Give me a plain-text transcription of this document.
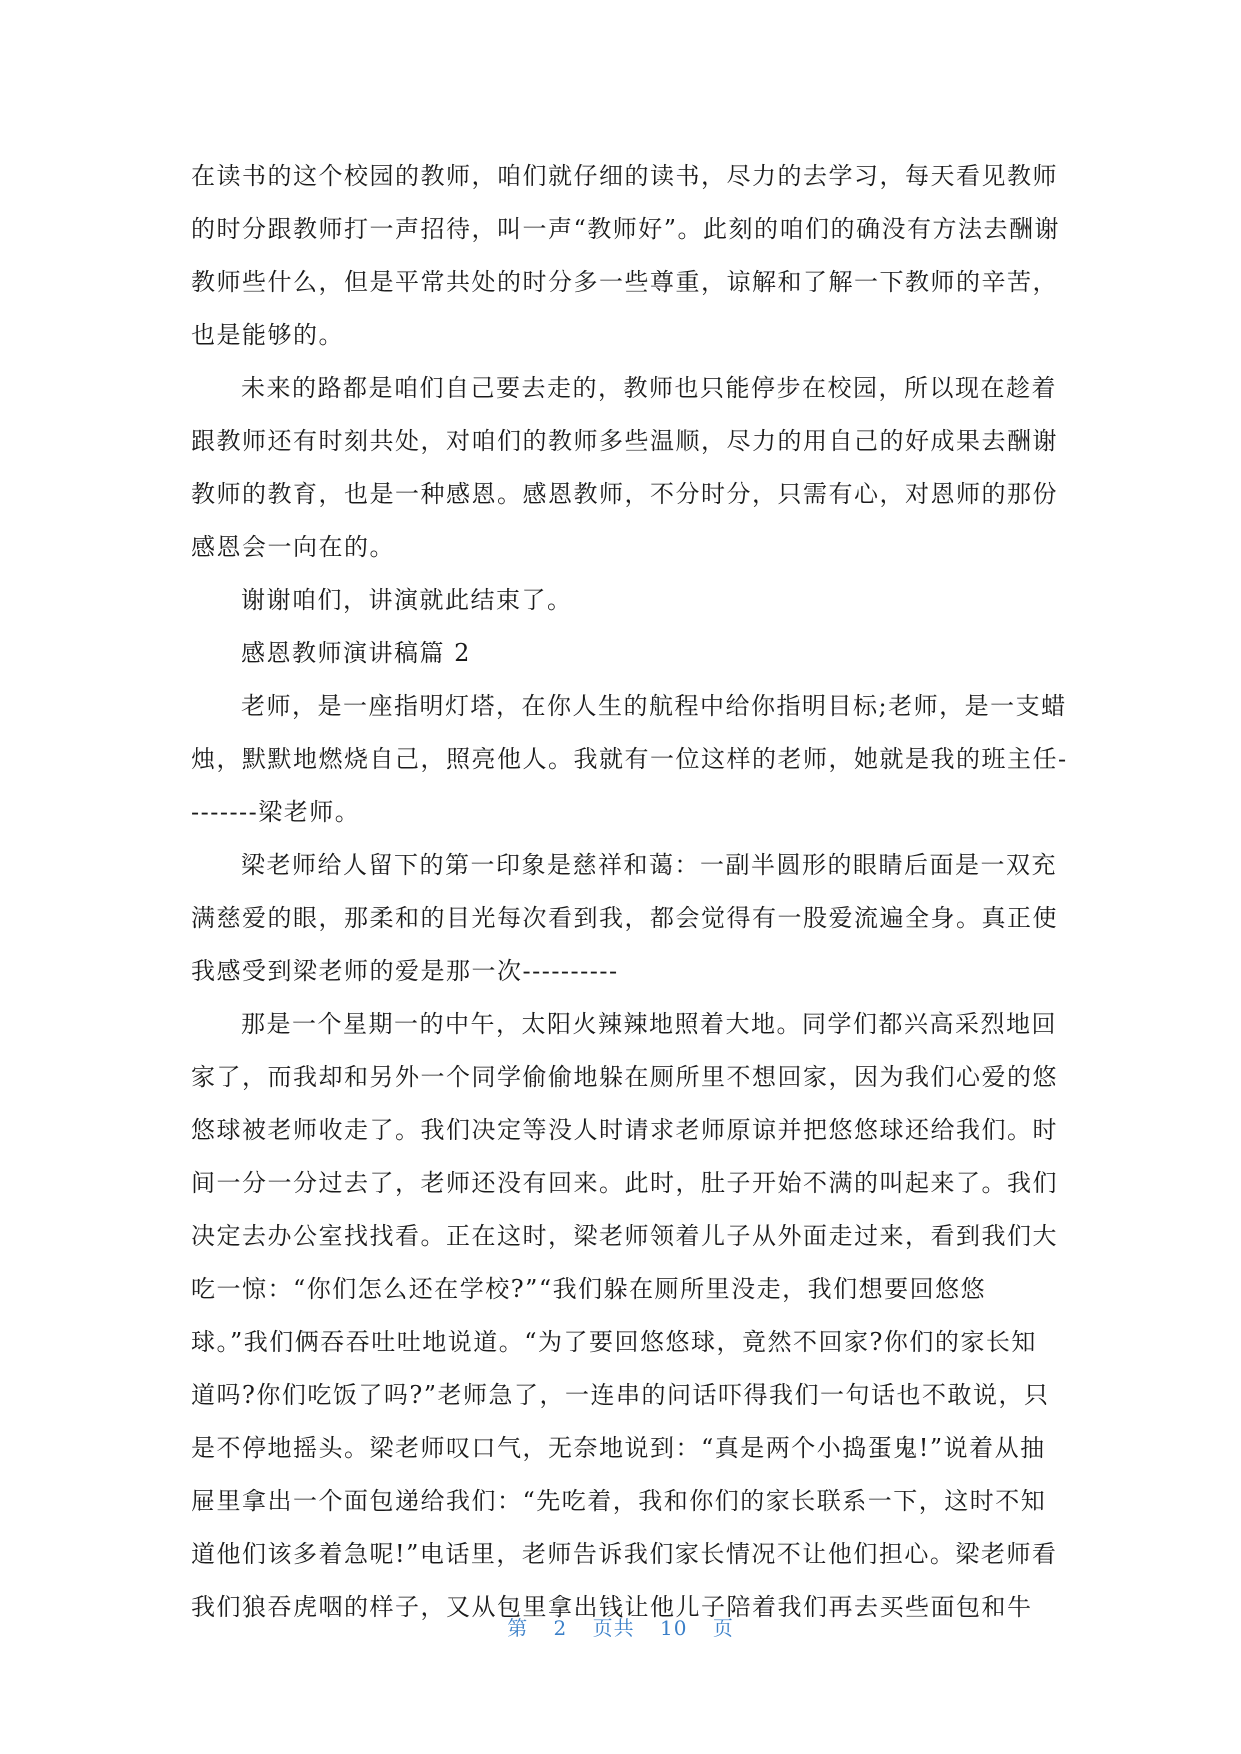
在读书的这个校园的教师，咱们就仔细的读书，尽力的去学习，每天看见教师
的时分跟教师打一声招待，叫一声“教师好”。此刻的咱们的确没有方法去酬谢
教师些什么，但是平常共处的时分多一些尊重，谅解和了解一下教师的辛苦，
也是能够的。

未来的路都是咱们自己要去走的，教师也只能停步在校园，所以现在趁着
跟教师还有时刻共处，对咱们的教师多些温顺，尽力的用自己的好成果去酬谢
教师的教育，也是一种感恩。感恩教师，不分时分，只需有心，对恩师的那份
感恩会一向在的。

谢谢咱们，讲演就此结束了。

感恩教师演讲稿篇 2

老师，是一座指明灯塔，在你人生的航程中给你指明目标;老师，是一支蜡
烛，默默地燃烧自己，照亮他人。我就有一位这样的老师，她就是我的班主任-
-------梁老师。

梁老师给人留下的第一印象是慈祥和蔼：一副半圆形的眼睛后面是一双充
满慈爱的眼，那柔和的目光每次看到我，都会觉得有一股爱流遍全身。真正使
我感受到梁老师的爱是那一次----------

那是一个星期一的中午，太阳火辣辣地照着大地。同学们都兴高采烈地回
家了，而我却和另外一个同学偷偷地躲在厕所里不想回家，因为我们心爱的悠
悠球被老师收走了。我们决定等没人时请求老师原谅并把悠悠球还给我们。时
间一分一分过去了，老师还没有回来。此时，肚子开始不满的叫起来了。我们
决定去办公室找找看。正在这时，梁老师领着儿子从外面走过来，看到我们大
吃一惊：“你们怎么还在学校?”“我们躲在厕所里没走，我们想要回悠悠
球。”我们俩吞吞吐吐地说道。“为了要回悠悠球，竟然不回家?你们的家长知
道吗?你们吃饭了吗?”老师急了，一连串的问话吓得我们一句话也不敢说，只
是不停地摇头。梁老师叹口气，无奈地说到：“真是两个小捣蛋鬼!”说着从抽
屉里拿出一个面包递给我们：“先吃着，我和你们的家长联系一下，这时不知
道他们该多着急呢!”电话里，老师告诉我们家长情况不让他们担心。梁老师看
我们狼吞虎咽的样子，又从包里拿出钱让他儿子陪着我们再去买些面包和牛

第 2 页共 10 页
